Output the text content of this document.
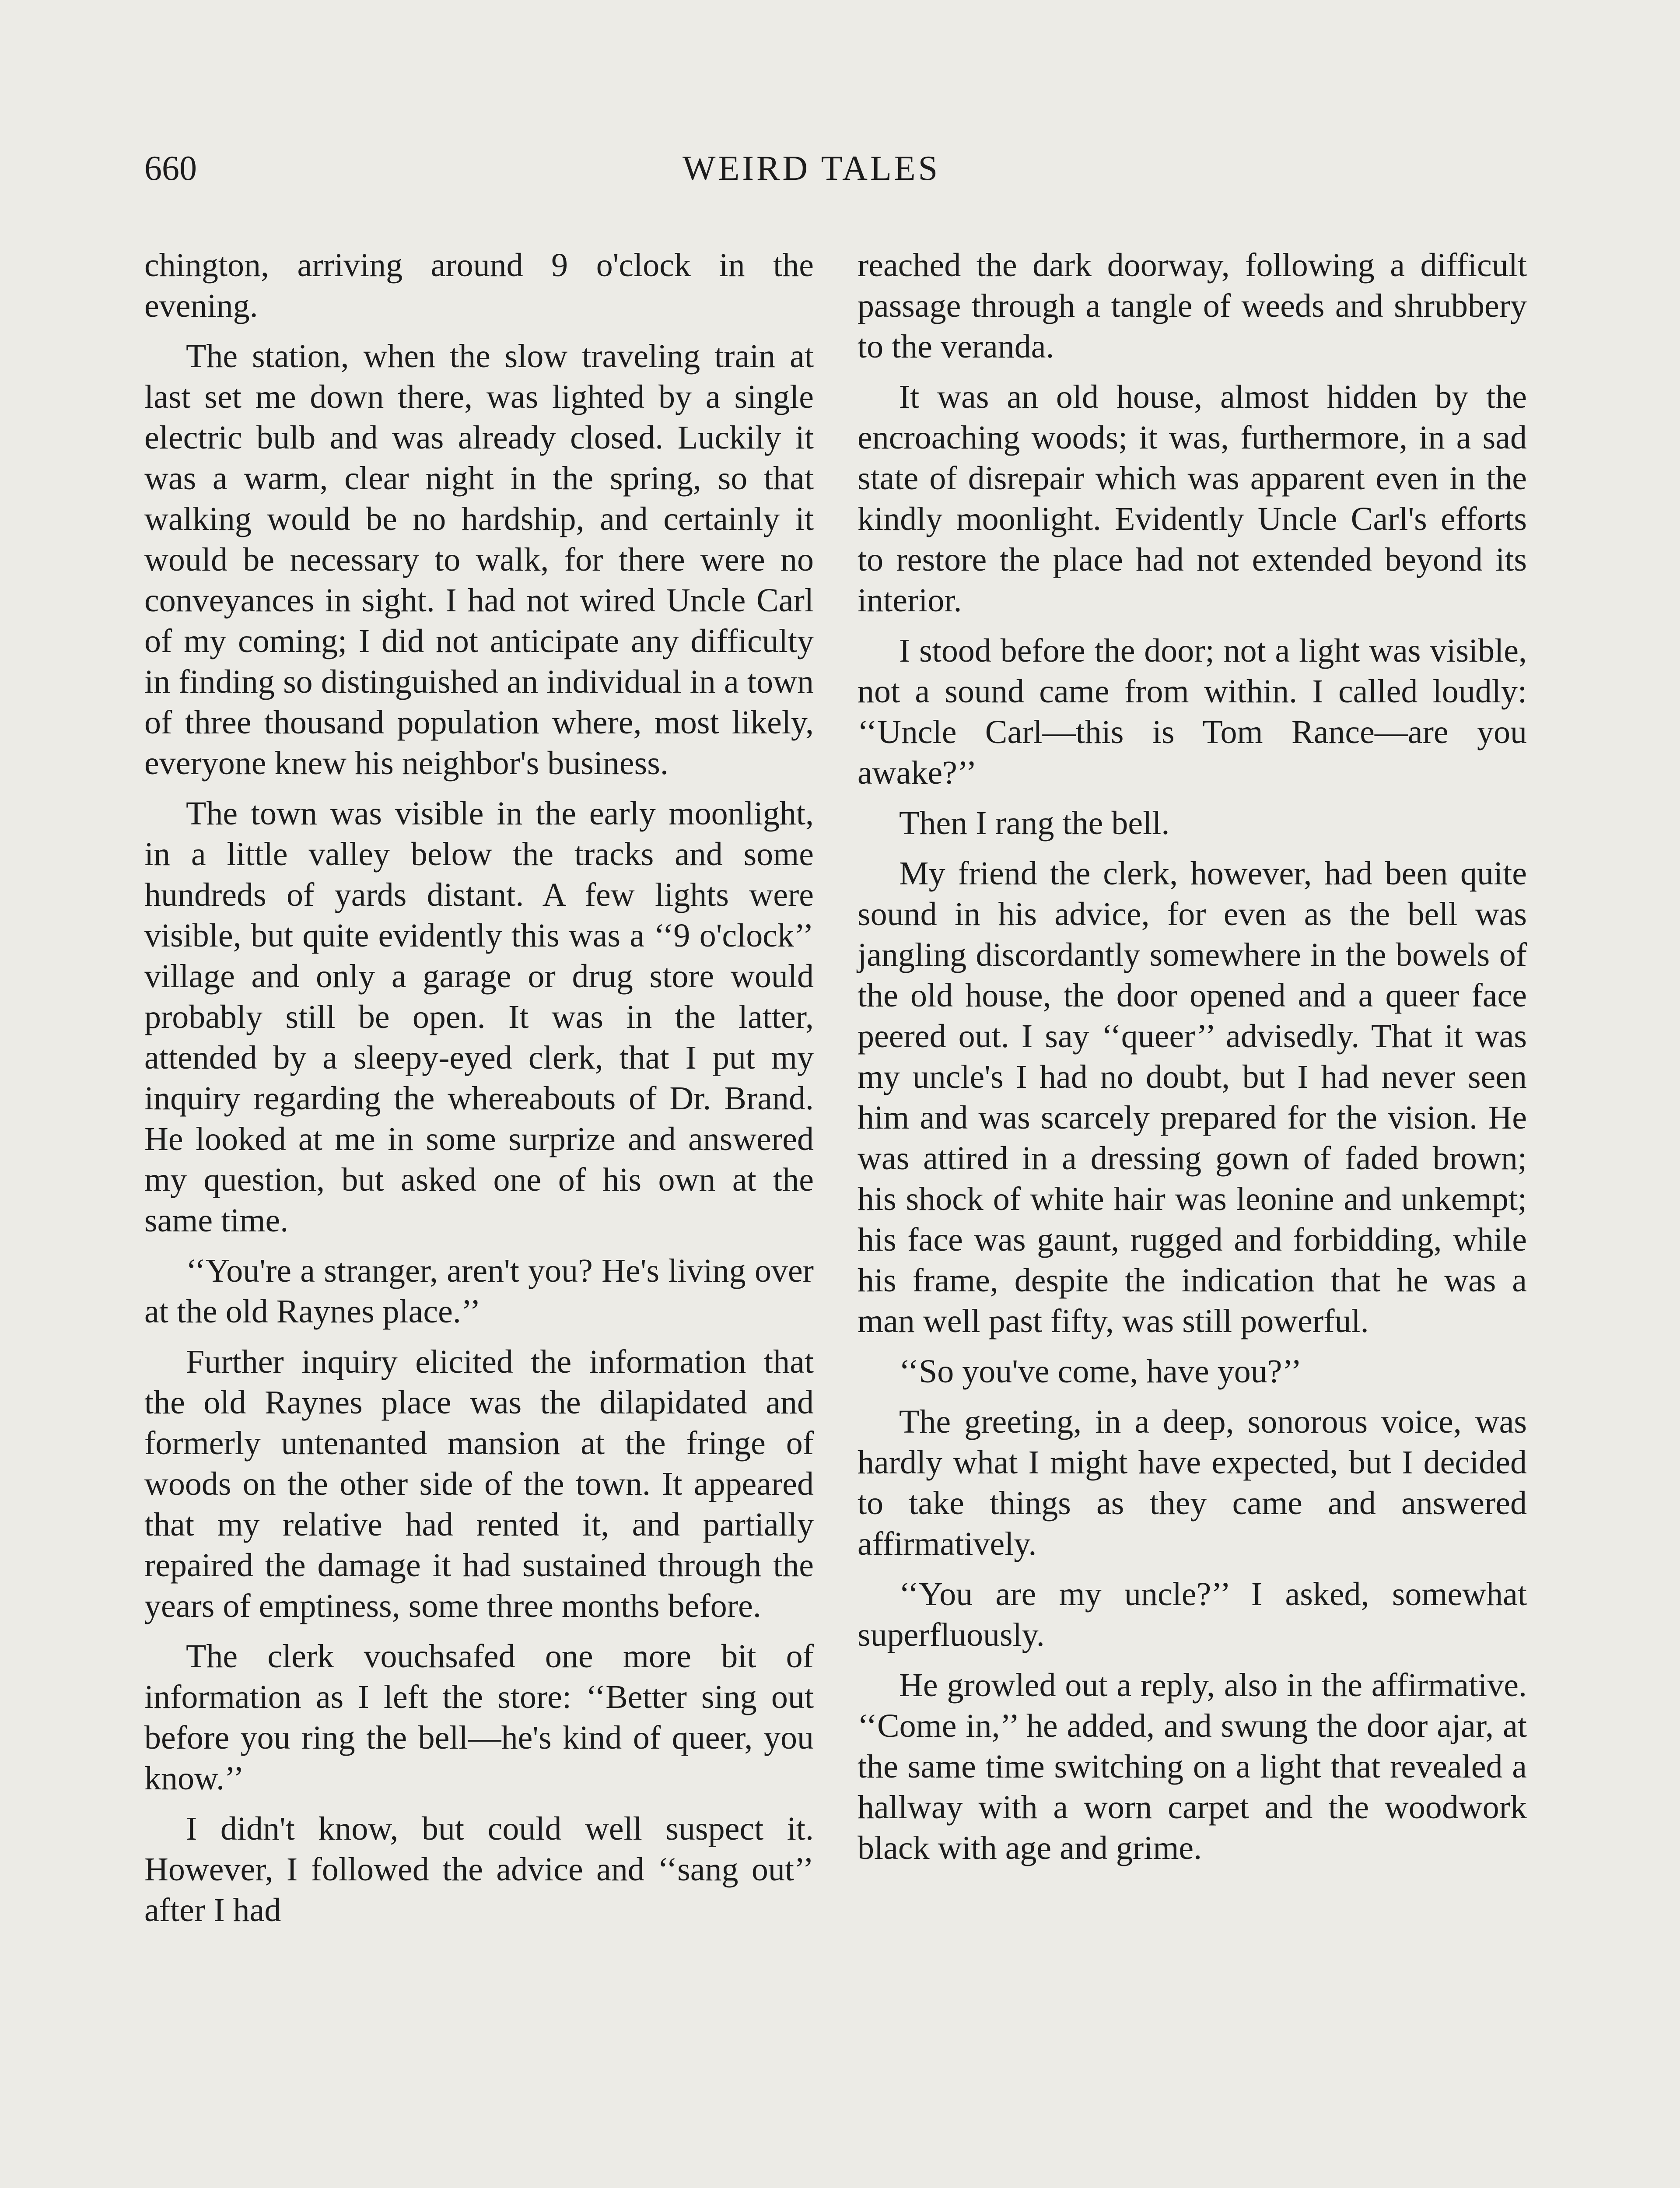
660	WEIRD TALES

chington, arriving around 9 o'clock in the evening.

The station, when the slow traveling train at last set me down there, was lighted by a single electric bulb and was already closed. Luckily it was a warm, clear night in the spring, so that walking would be no hardship, and certainly it would be necessary to walk, for there were no conveyances in sight. I had not wired Uncle Carl of my coming; I did not anticipate any difficulty in finding so distinguished an individual in a town of three thousand population where, most likely, everyone knew his neighbor's business.

The town was visible in the early moonlight, in a little valley below the tracks and some hundreds of yards distant. A few lights were visible, but quite evidently this was a ‘‘9 o'clock’’ village and only a garage or drug store would probably still be open. It was in the latter, attended by a sleepy-eyed clerk, that I put my inquiry regarding the whereabouts of Dr. Brand. He looked at me in some surprize and answered my question, but asked one of his own at the same time.

‘‘You're a stranger, aren't you? He's living over at the old Raynes place.’’

Further inquiry elicited the information that the old Raynes place was the dilapidated and formerly untenanted mansion at the fringe of woods on the other side of the town. It appeared that my relative had rented it, and partially repaired the damage it had sustained through the years of emptiness, some three months before.

The clerk vouchsafed one more bit of information as I left the store: ‘‘Better sing out before you ring the bell—he's kind of queer, you know.’’

I didn't know, but could well suspect it. However, I followed the advice and ‘‘sang out’’ after I had

reached the dark doorway, following a difficult passage through a tangle of weeds and shrubbery to the veranda.

It was an old house, almost hidden by the encroaching woods; it was, furthermore, in a sad state of disrepair which was apparent even in the kindly moonlight. Evidently Uncle Carl's efforts to restore the place had not extended beyond its interior.

I stood before the door; not a light was visible, not a sound came from within. I called loudly: ‘‘Uncle Carl—this is Tom Rance—are you awake?’’

Then I rang the bell.

My friend the clerk, however, had been quite sound in his advice, for even as the bell was jangling discordantly somewhere in the bowels of the old house, the door opened and a queer face peered out. I say ‘‘queer’’ advisedly. That it was my uncle's I had no doubt, but I had never seen him and was scarcely prepared for the vision. He was attired in a dressing gown of faded brown; his shock of white hair was leonine and unkempt; his face was gaunt, rugged and forbidding, while his frame, despite the indication that he was a man well past fifty, was still powerful.

‘‘So you've come, have you?’’

The greeting, in a deep, sonorous voice, was hardly what I might have expected, but I decided to take things as they came and answered affirmatively.

‘‘You are my uncle?’’ I asked, somewhat superfluously.

He growled out a reply, also in the affirmative. ‘‘Come in,’’ he added, and swung the door ajar, at the same time switching on a light that revealed a hallway with a worn carpet and the woodwork black with age and grime.
